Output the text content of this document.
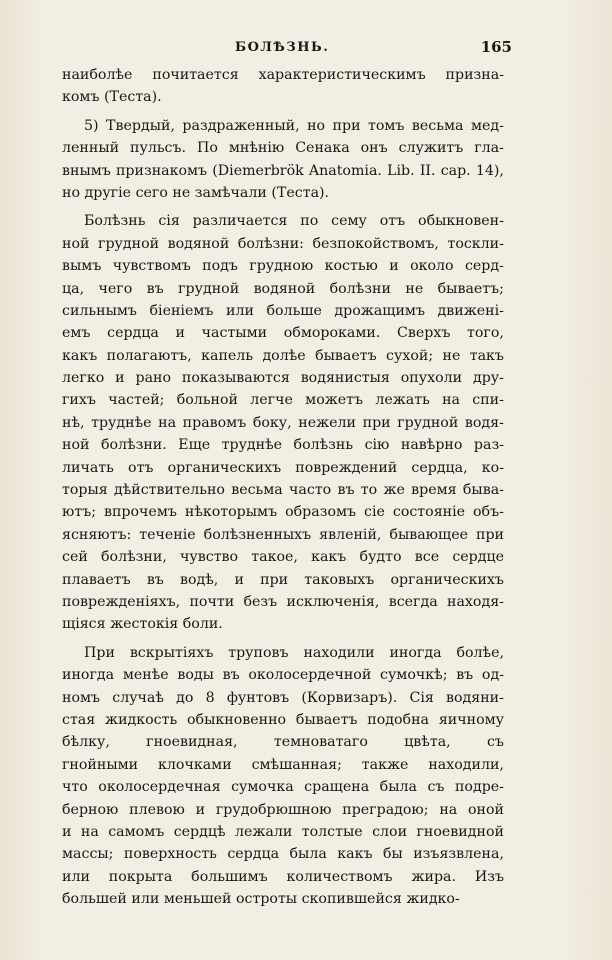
БОЛѢЗНЬ.	165
наиболѣе почитается характеристическимъ призна-
комъ (Тестa).
5) Твердый, раздраженный, но при томъ весьма мед-
ленный пульсъ. По мнѣнію Сенака онъ служитъ гла-
внымъ признакомъ (Diemerbrök Anatomia. Lib. II. cap. 14),
но другіе сего не замѣчали (Теста).
Болѣзнь сія различается по сему отъ обыкновен-
ной грудной водяной болѣзни: безпокойствомъ, тоскли-
вымъ чувствомъ подъ грудною костью и около серд-
ца, чего въ грудной водяной болѣзни не бываетъ;
сильнымъ біеніемъ или больше дрожащимъ движені-
емъ сердца и частыми обмороками. Сверхъ того,
какъ полагаютъ, капель долѣе бываетъ сухой; не такъ
легко и рано показываются водянистыя опухоли дру-
гихъ частей; больной легче можетъ лежать на спи-
нѣ, труднѣе на правомъ боку, нежели при грудной водя-
ной болѣзни. Еще труднѣе болѣзнь сію навѣрно раз-
личать отъ органическихъ повреждений сердца, ко-
торыя дѣйствительно весьма часто въ то же время быва-
ютъ; впрочемъ нѣкоторымъ образомъ сіе состояніе объ-
ясняютъ: теченіе болѣзненныхъ явленій, бывающее при
сей болѣзни, чувство такое, какъ будто все сердце
плаваетъ въ водѣ, и при таковыхъ органическихъ
поврежденіяхъ, почти безъ исключенія, всегда находя-
щіяся жестокія боли.
При вскрытіяхъ труповъ находили иногда болѣе,
иногда менѣе воды въ околосердечной сумочкѣ; въ од-
номъ случаѣ до 8 фунтовъ (Корвизаръ). Сія водяни-
стая жидкость обыкновенно бываетъ подобна яичному
бѣлку,	гноевидная,	темноватаго	цвѣта,	съ
гнойными клочками смѣшанная; также находили,
что околосердечная сумочка сращена была съ подре-
берною плевою и грудобрюшною преградою; на оной
и на самомъ сердцѣ лежали толстые слои гноевидной
массы; поверхность сердца была какъ бы изъязвлена,
или покрыта большимъ количествомъ жира. Изъ
большей или меньшей остроты скопившейся жидко-
